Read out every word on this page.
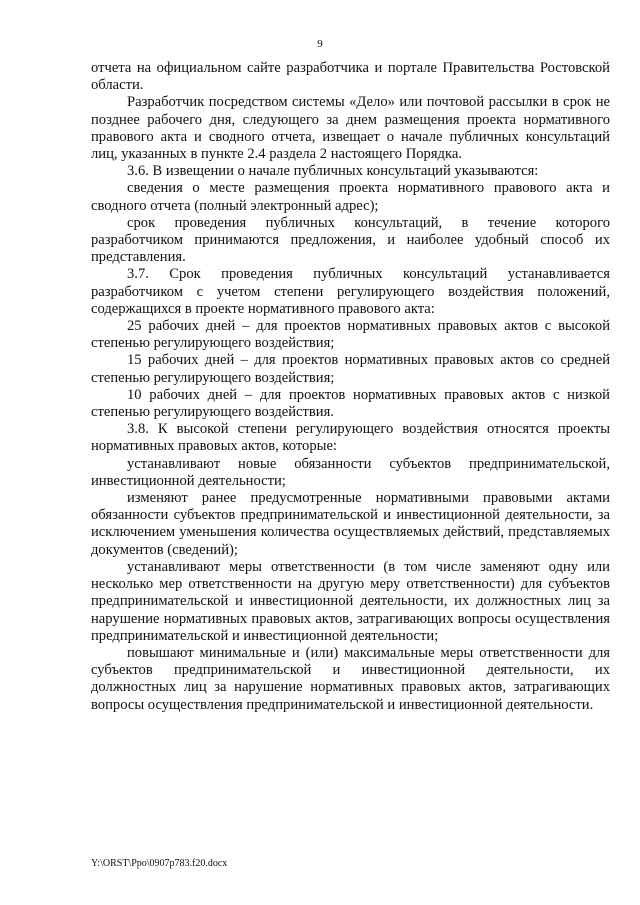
9

отчета на официальном сайте разработчика и портале Правительства Ростовской области.

Разработчик посредством системы «Дело» или почтовой рассылки в срок не позднее рабочего дня, следующего за днем размещения проекта нормативного правового акта и сводного отчета, извещает о начале публичных консультаций лиц, указанных в пункте 2.4 раздела 2 настоящего Порядка.

3.6. В извещении о начале публичных консультаций указываются:

сведения о месте размещения проекта нормативного правового акта и сводного отчета (полный электронный адрес);

срок проведения публичных консультаций, в течение которого разработчиком принимаются предложения, и наиболее удобный способ их представления.

3.7. Срок проведения публичных консультаций устанавливается разработчиком с учетом степени регулирующего воздействия положений, содержащихся в проекте нормативного правового акта:

25 рабочих дней – для проектов нормативных правовых актов с высокой степенью регулирующего воздействия;

15 рабочих дней – для проектов нормативных правовых актов со средней степенью регулирующего воздействия;

10 рабочих дней – для проектов нормативных правовых актов с низкой степенью регулирующего воздействия.

3.8. К высокой степени регулирующего воздействия относятся проекты нормативных правовых актов, которые:

устанавливают новые обязанности субъектов предпринимательской, инвестиционной деятельности;

изменяют ранее предусмотренные нормативными правовыми актами обязанности субъектов предпринимательской и инвестиционной деятельности, за исключением уменьшения количества осуществляемых действий, представляемых документов (сведений);

устанавливают меры ответственности (в том числе заменяют одну или несколько мер ответственности на другую меру ответственности) для субъектов предпринимательской и инвестиционной деятельности, их должностных лиц за нарушение нормативных правовых актов, затрагивающих вопросы осуществления предпринимательской и инвестиционной деятельности;

повышают минимальные и (или) максимальные меры ответственности для субъектов предпринимательской и инвестиционной деятельности, их должностных лиц за нарушение нормативных правовых актов, затрагивающих вопросы осуществления предпринимательской и инвестиционной деятельности.

Y:\ORST\Ppo\0907p783.f20.docx
